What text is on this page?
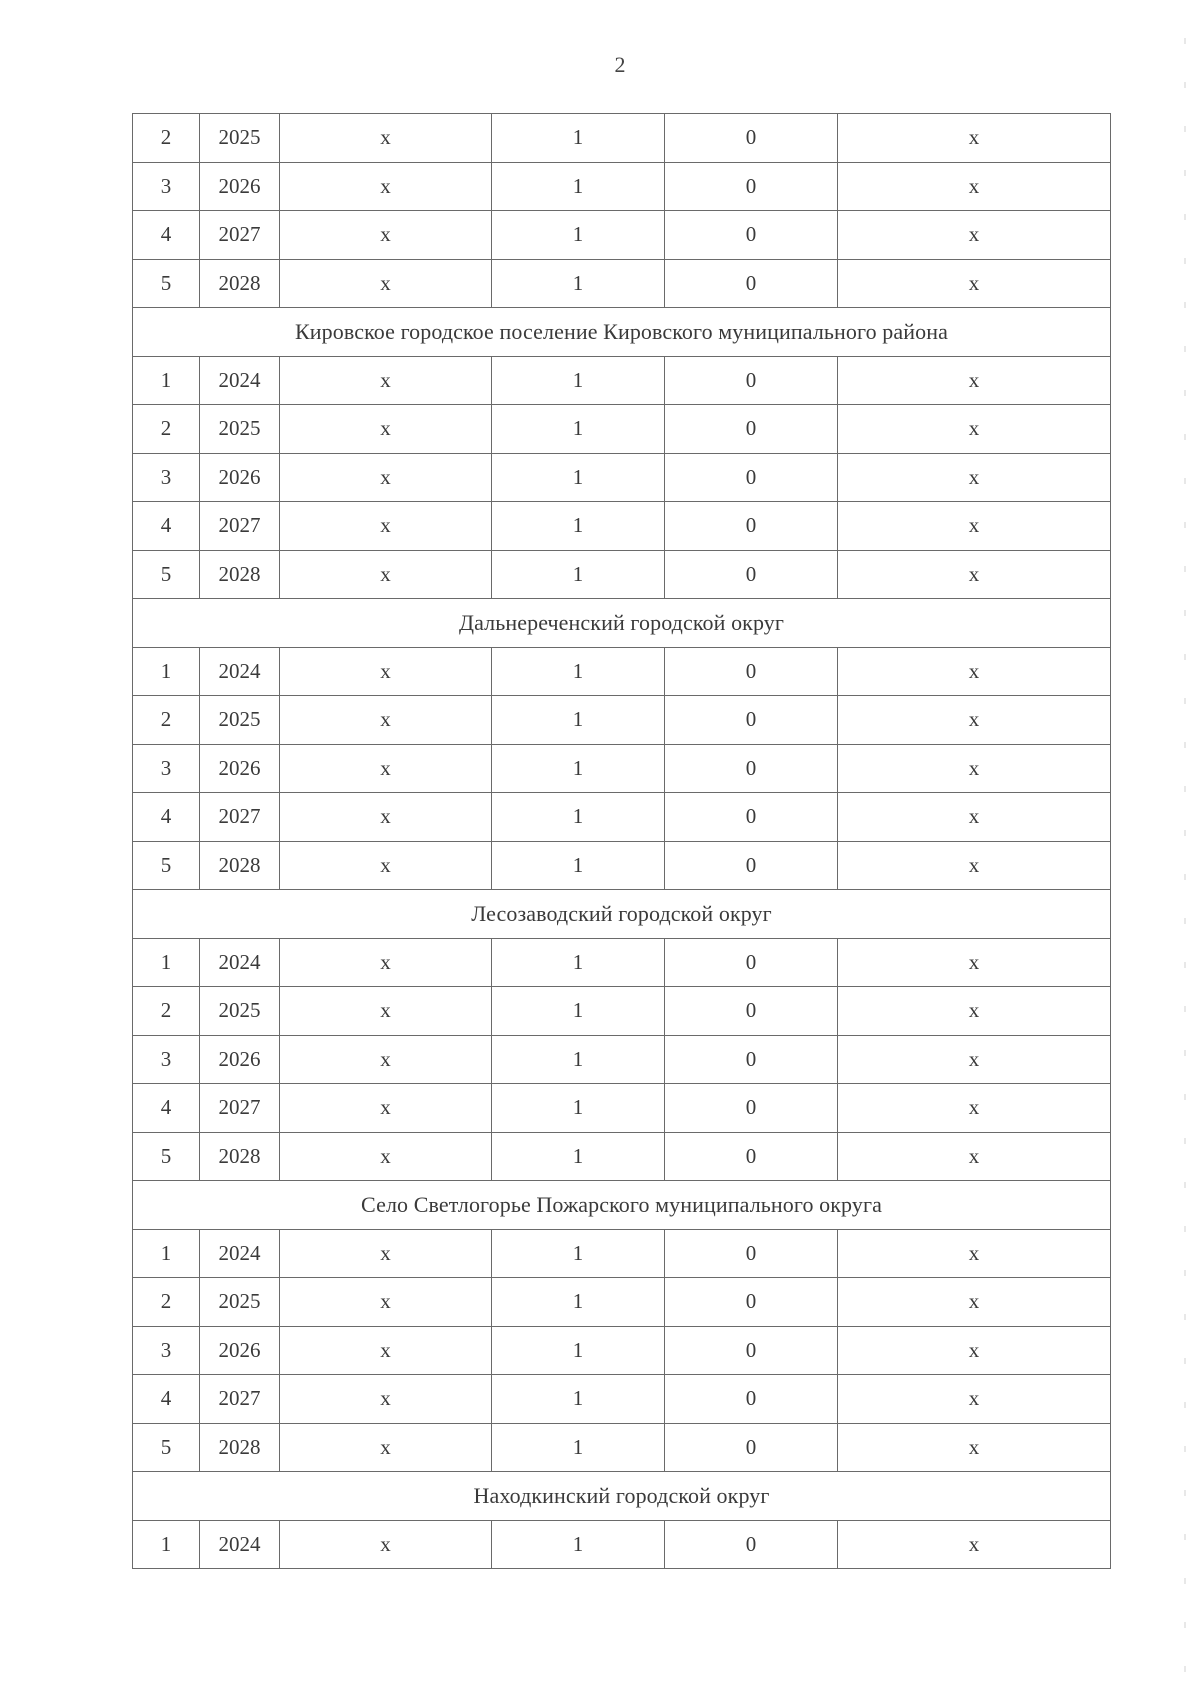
2
2	2025	x	1	0	x
3	2026	x	1	0	x
4	2027	x	1	0	x
5	2028	x	1	0	x
Кировское городское поселение Кировского муниципального района					
1	2024	x	1	0	x
2	2025	x	1	0	x
3	2026	x	1	0	x
4	2027	x	1	0	x
5	2028	x	1	0	x
Дальнереченский городской округ					
1	2024	x	1	0	x
2	2025	x	1	0	x
3	2026	x	1	0	x
4	2027	x	1	0	x
5	2028	x	1	0	x
Лесозаводский городской округ					
1	2024	x	1	0	x
2	2025	x	1	0	x
3	2026	x	1	0	x
4	2027	x	1	0	x
5	2028	x	1	0	x
Село Светлогорье Пожарского муниципального округа					
1	2024	x	1	0	x
2	2025	x	1	0	x
3	2026	x	1	0	x
4	2027	x	1	0	x
5	2028	x	1	0	x
Находкинский городской округ					
1	2024	x	1	0	x
